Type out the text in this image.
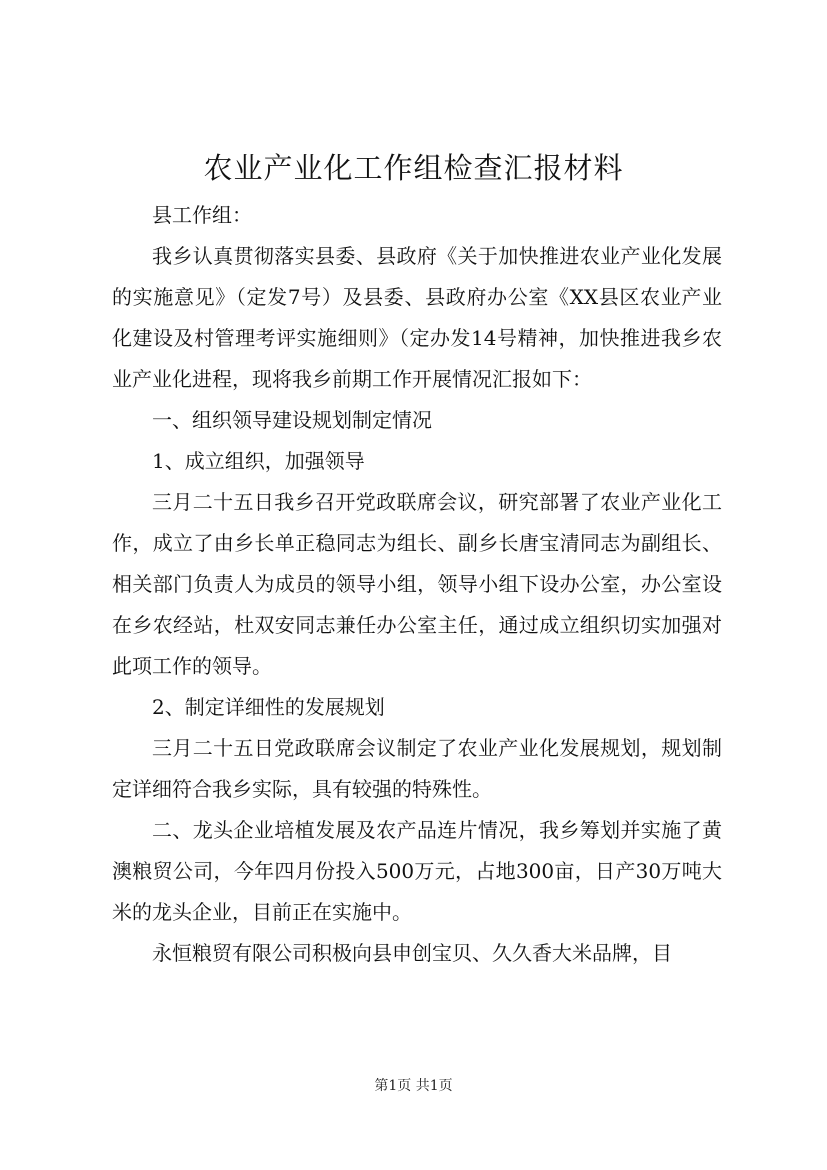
农业产业化工作组检查汇报材料

县工作组：

我乡认真贯彻落实县委、县政府《关于加快推进农业产业化发展的实施意见》（定发7号）及县委、县政府办公室《XX县区农业产业化建设及村管理考评实施细则》（定办发14号精神，加快推进我乡农业产业化进程，现将我乡前期工作开展情况汇报如下：

一、组织领导建设规划制定情况

1、成立组织，加强领导

三月二十五日我乡召开党政联席会议，研究部署了农业产业化工作，成立了由乡长单正稳同志为组长、副乡长唐宝清同志为副组长、相关部门负责人为成员的领导小组，领导小组下设办公室，办公室设在乡农经站，杜双安同志兼任办公室主任，通过成立组织切实加强对此项工作的领导。

2、制定详细性的发展规划

三月二十五日党政联席会议制定了农业产业化发展规划，规划制定详细符合我乡实际，具有较强的特殊性。

二、龙头企业培植发展及农产品连片情况，我乡筹划并实施了黄澳粮贸公司，今年四月份投入500万元，占地300亩，日产30万吨大米的龙头企业，目前正在实施中。

永恒粮贸有限公司积极向县申创宝贝、久久香大米品牌，目

第1页 共1页
